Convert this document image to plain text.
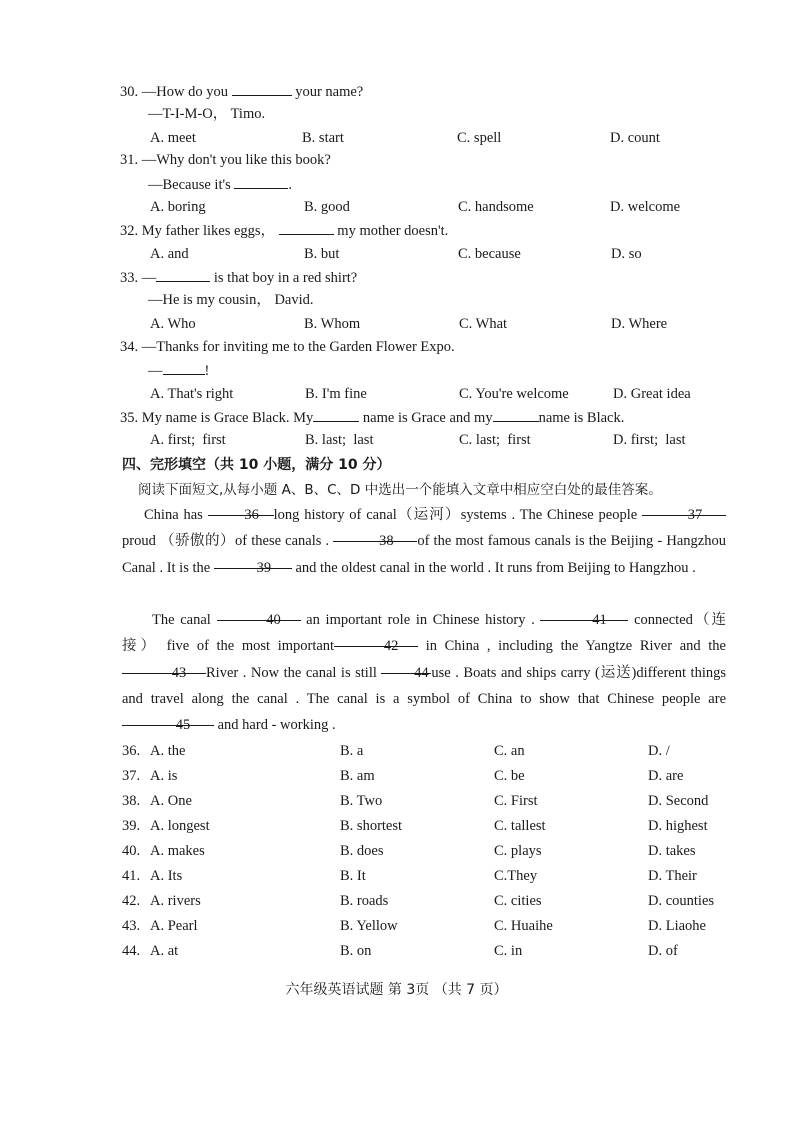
30. —How do you	your name?
—T-I-M-O， Timo.
A. meet	B. start	C. spell	D. count
31. —Why don't you like this book?
—Because it's	.
A. boring	B. good	C. handsome	D. welcome
32. My father likes eggs，	my mother doesn't.
A. and	B. but	C. because	D. so
33. —	is that boy in a red shirt?
—He is my cousin， David.
A. Who	B. Whom	C. What	D. Where
34. —Thanks for inviting me to the Garden Flower Expo.
—	!
A. That's right	B. I'm fine	C. You're welcome	D. Great idea
35. My name is Grace Black. My	name is Grace and my	name is Black.
A. first;  first	B. last;  last	C. last;  first	D. first;  last
四、完形填空（共 10 小题，满分 10 分）
阅读下面短文,从每小题 A、B、C、D 中选出一个能填入文章中相应空白处的最佳答案。
China has	36 long history of canal（运河）systems . The Chinese people	37 proud （骄傲的）of these canals .	38 of the most famous canals is the Beijing - Hangzhou Canal . It is the	39 and the oldest canal in the world . It runs from Beijing to Hangzhou .
The canal	40 an important role in Chinese history .	41 connected（连接） five of the most important	42 in China , including the Yangtze River and the 43 River . Now the canal is still 44 use . Boats and ships carry (运送)different things and travel along the canal . The canal is a symbol of China to show that Chinese people are 45 and hard - working .
36. A. the	B. a	C. an	D. /
37. A. is	B. am	C. be	D. are
38. A. One	B. Two	C. First	D. Second
39. A. longest	B. shortest	C. tallest	D. highest
40. A. makes	B. does	C. plays	D. takes
41. A. Its	B. It	C.They	D. Their
42. A. rivers	B. roads	C. cities	D. counties
43. A. Pearl	B. Yellow	C. Huaihe	D. Liaohe
44. A. at	B. on	C. in	D. of
六年级英语试题 第 3页 （共 7 页）
